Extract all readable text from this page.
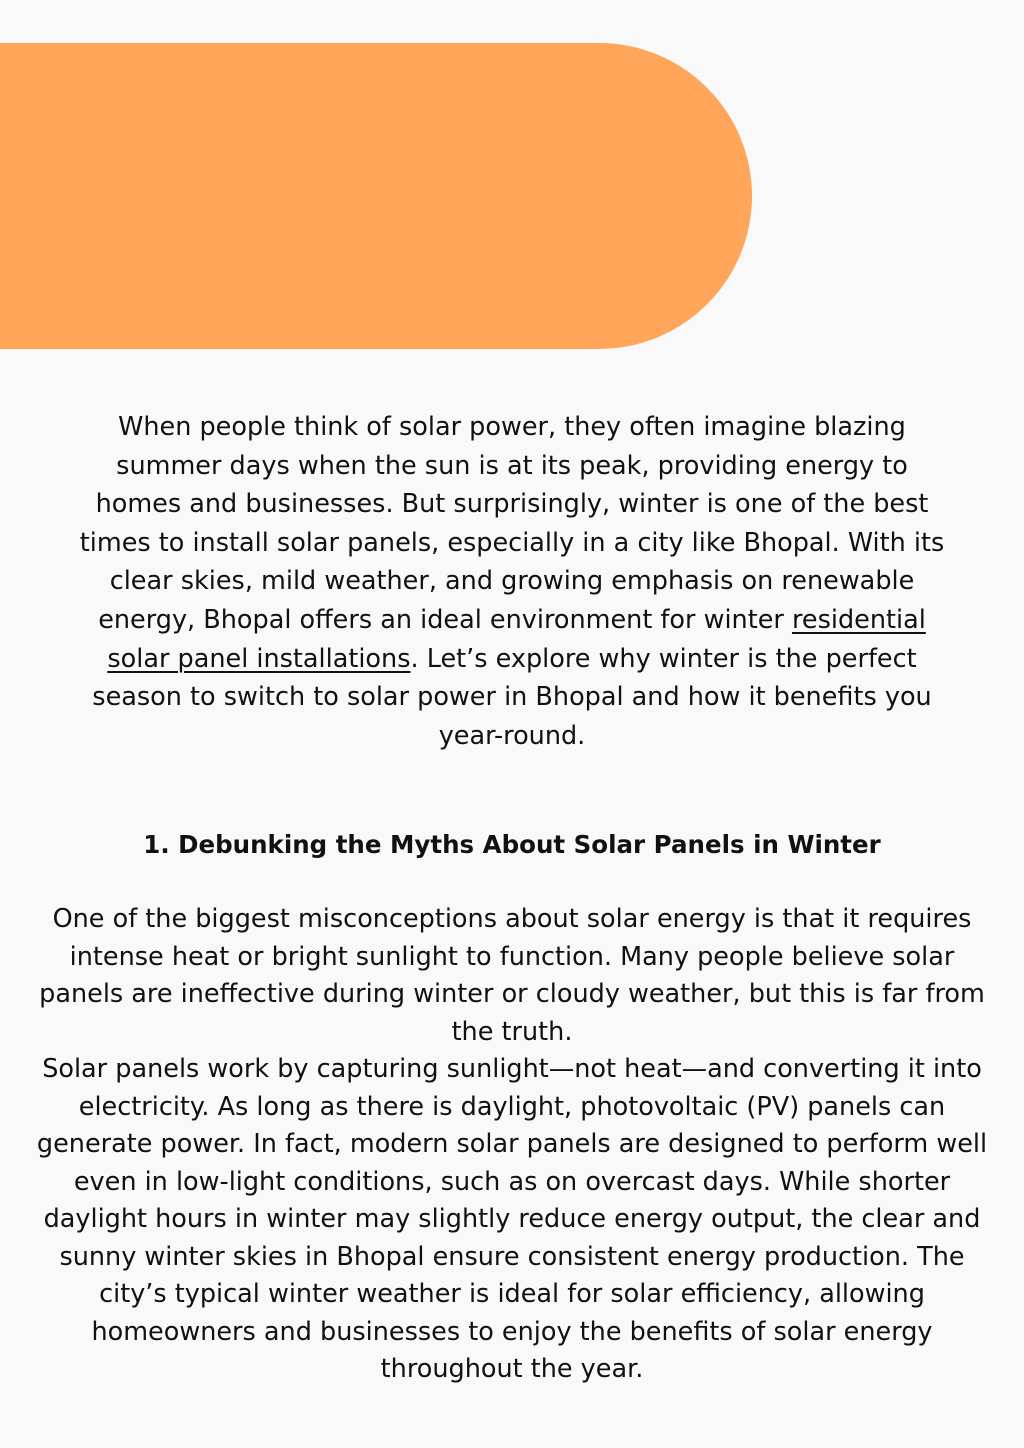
When people think of solar power, they often imagine blazing summer days when the sun is at its peak, providing energy to homes and businesses. But surprisingly, winter is one of the best times to install solar panels, especially in a city like Bhopal. With its clear skies, mild weather, and growing emphasis on renewable energy, Bhopal offers an ideal environment for winter residential solar panel installations. Let’s explore why winter is the perfect season to switch to solar power in Bhopal and how it benefits you year-round.

1. Debunking the Myths About Solar Panels in Winter

One of the biggest misconceptions about solar energy is that it requires intense heat or bright sunlight to function. Many people believe solar panels are ineffective during winter or cloudy weather, but this is far from the truth.

Solar panels work by capturing sunlight—not heat—and converting it into electricity. As long as there is daylight, photovoltaic (PV) panels can generate power. In fact, modern solar panels are designed to perform well even in low-light conditions, such as on overcast days. While shorter daylight hours in winter may slightly reduce energy output, the clear and sunny winter skies in Bhopal ensure consistent energy production. The city’s typical winter weather is ideal for solar efficiency, allowing homeowners and businesses to enjoy the benefits of solar energy throughout the year.
